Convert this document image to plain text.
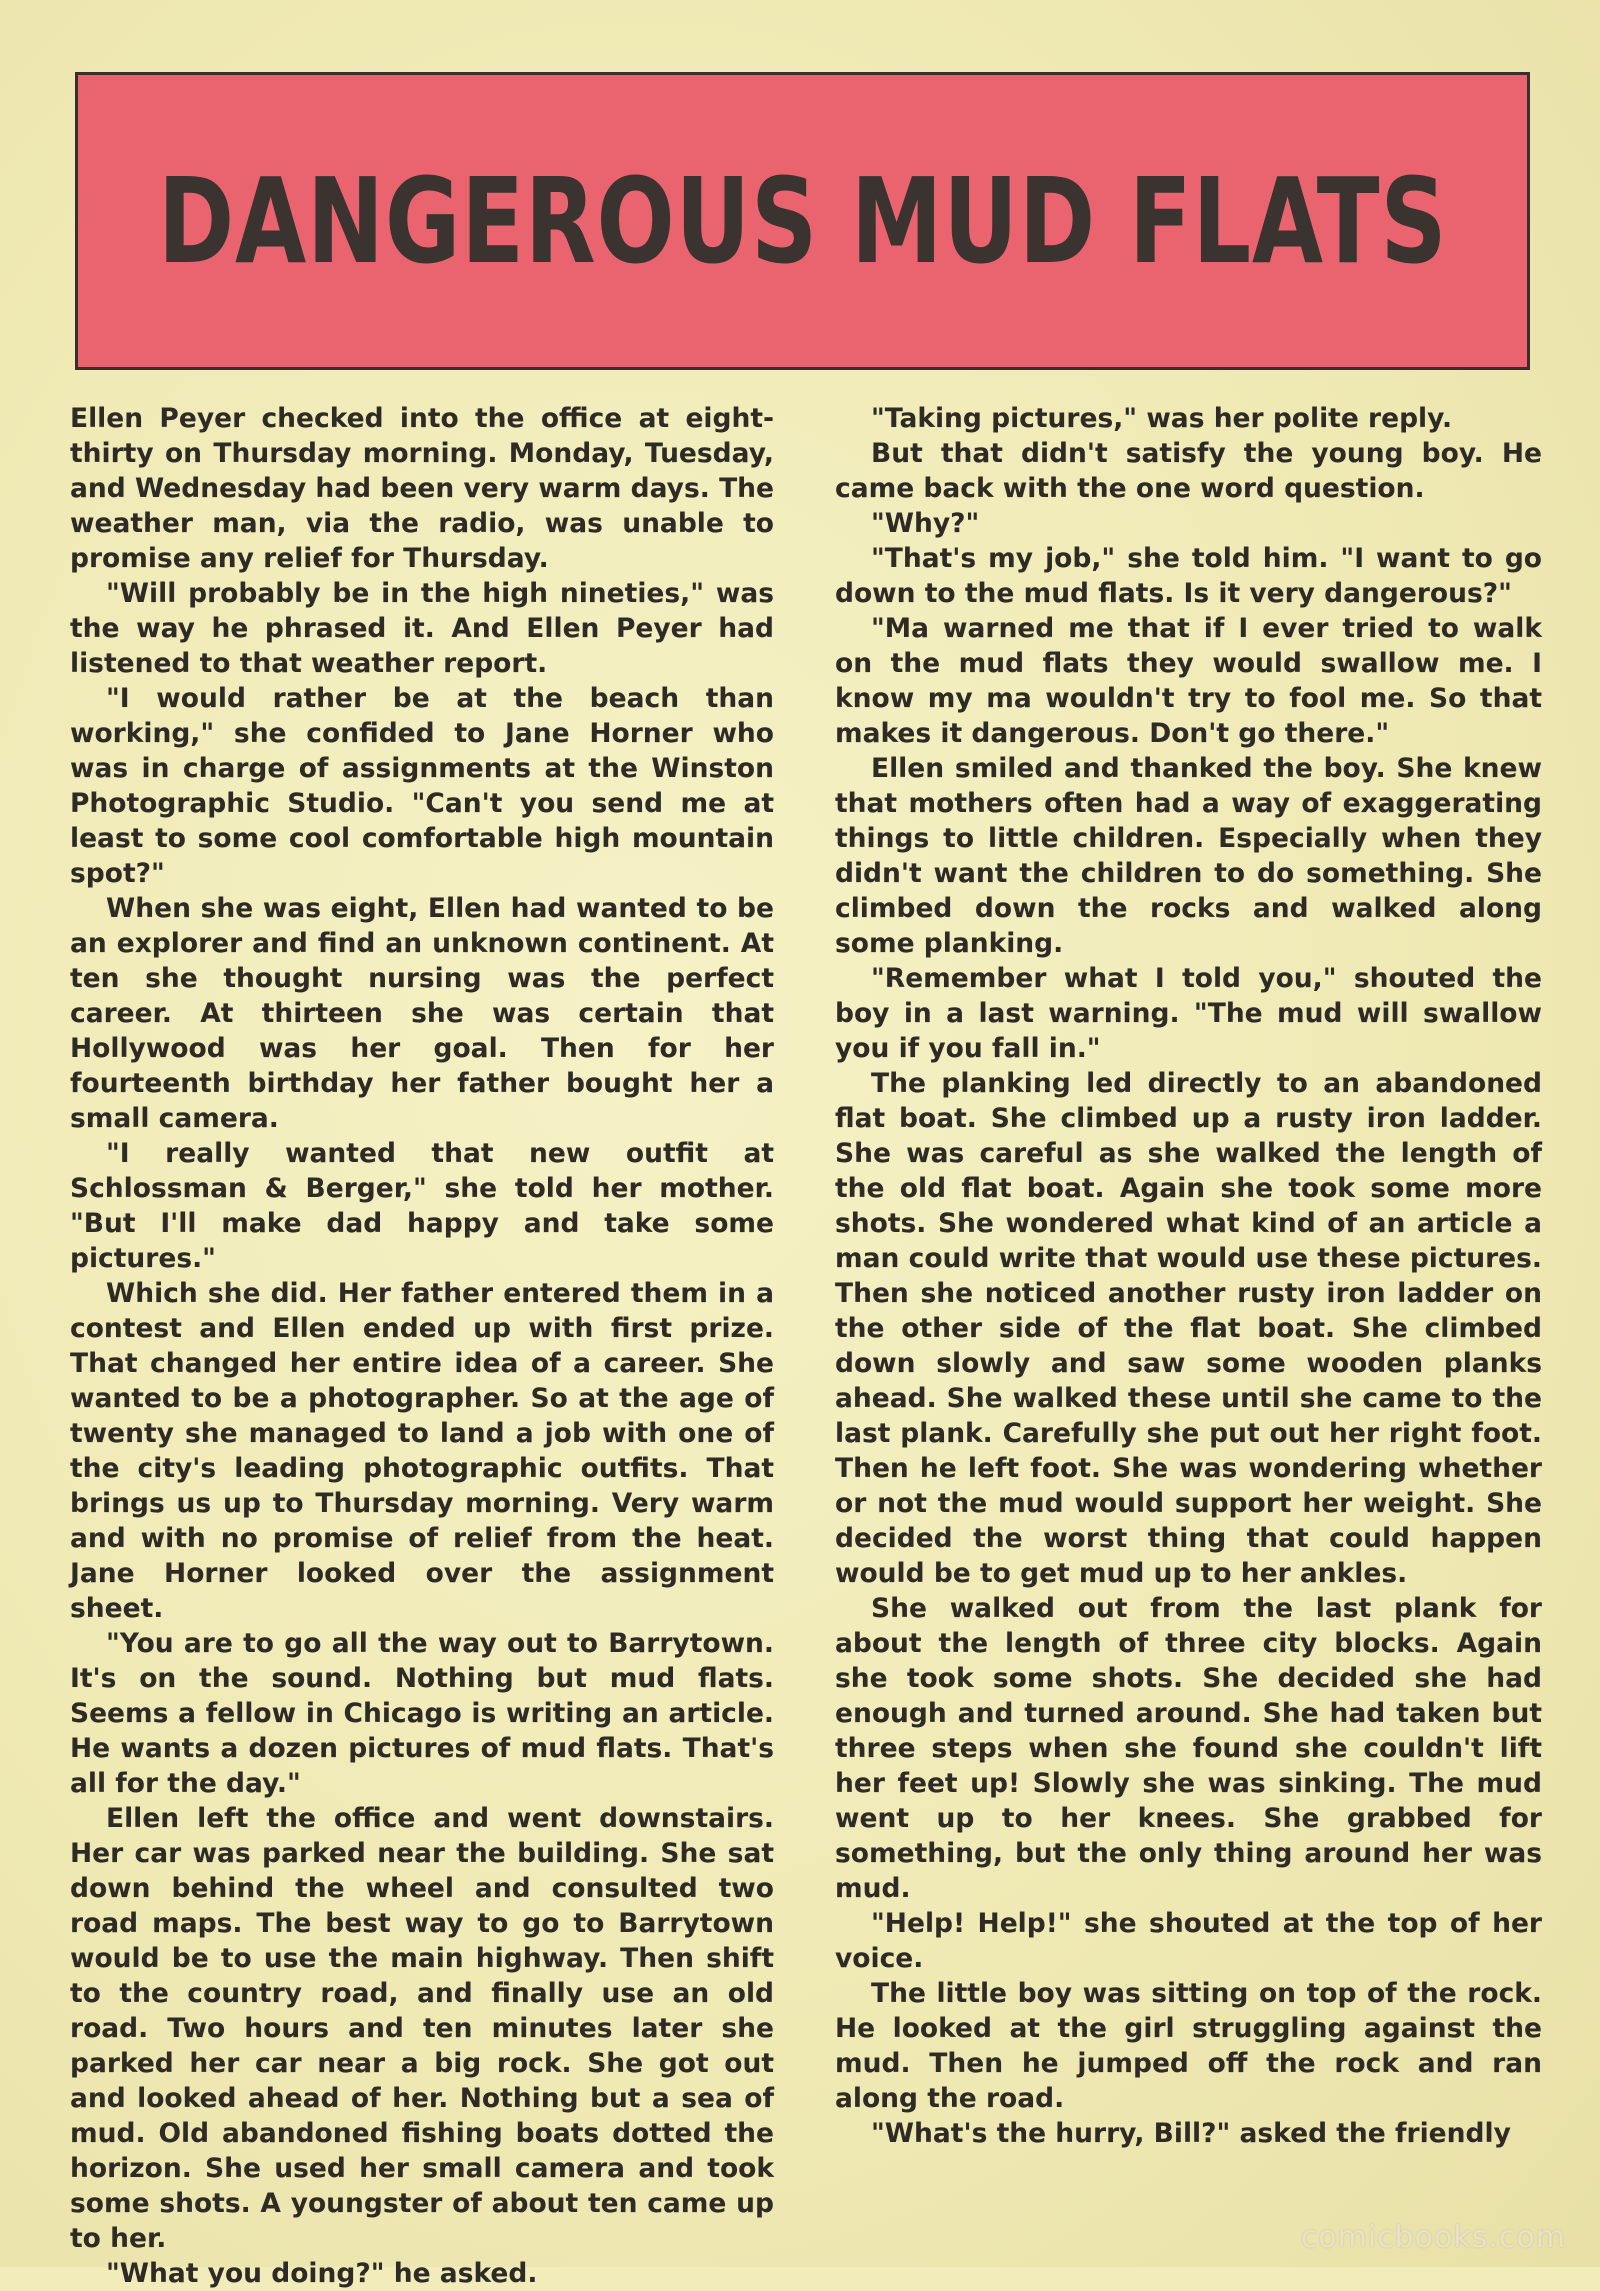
DANGEROUS MUD FLATS

Ellen Peyer checked into the office at eight-thirty on Thursday morning. Monday, Tuesday, and Wednesday had been very warm days. The weather man, via the radio, was unable to promise any relief for Thursday.

"Will probably be in the high nineties," was the way he phrased it. And Ellen Peyer had listened to that weather report.

"I would rather be at the beach than working," she confided to Jane Horner who was in charge of assignments at the Winston Photographic Studio. "Can't you send me at least to some cool comfortable high mountain spot?"

When she was eight, Ellen had wanted to be an explorer and find an unknown continent. At ten she thought nursing was the perfect career. At thirteen she was certain that Hollywood was her goal. Then for her fourteenth birthday her father bought her a small camera.

"I really wanted that new outfit at Schlossman & Berger," she told her mother. "But I'll make dad happy and take some pictures."

Which she did. Her father entered them in a contest and Ellen ended up with first prize. That changed her entire idea of a career. She wanted to be a photographer. So at the age of twenty she managed to land a job with one of the city's leading photographic outfits. That brings us up to Thursday morning. Very warm and with no promise of relief from the heat. Jane Horner looked over the assignment sheet.

"You are to go all the way out to Barrytown. It's on the sound. Nothing but mud flats. Seems a fellow in Chicago is writing an article. He wants a dozen pictures of mud flats. That's all for the day."

Ellen left the office and went downstairs. Her car was parked near the building. She sat down behind the wheel and consulted two road maps. The best way to go to Barrytown would be to use the main highway. Then shift to the country road, and finally use an old road. Two hours and ten minutes later she parked her car near a big rock. She got out and looked ahead of her. Nothing but a sea of mud. Old abandoned fishing boats dotted the horizon. She used her small camera and took some shots. A youngster of about ten came up to her.

"What you doing?" he asked.

"Taking pictures," was her polite reply.

But that didn't satisfy the young boy. He came back with the one word question.

"Why?"

"That's my job," she told him. "I want to go down to the mud flats. Is it very dangerous?"

"Ma warned me that if I ever tried to walk on the mud flats they would swallow me. I know my ma wouldn't try to fool me. So that makes it dangerous. Don't go there."

Ellen smiled and thanked the boy. She knew that mothers often had a way of exaggerating things to little children. Especially when they didn't want the children to do something. She climbed down the rocks and walked along some planking.

"Remember what I told you," shouted the boy in a last warning. "The mud will swallow you if you fall in."

The planking led directly to an abandoned flat boat. She climbed up a rusty iron ladder. She was careful as she walked the length of the old flat boat. Again she took some more shots. She wondered what kind of an article a man could write that would use these pictures. Then she noticed another rusty iron ladder on the other side of the flat boat. She climbed down slowly and saw some wooden planks ahead. She walked these until she came to the last plank. Carefully she put out her right foot. Then he left foot. She was wondering whether or not the mud would support her weight. She decided the worst thing that could happen would be to get mud up to her ankles.

She walked out from the last plank for about the length of three city blocks. Again she took some shots. She decided she had enough and turned around. She had taken but three steps when she found she couldn't lift her feet up! Slowly she was sinking. The mud went up to her knees. She grabbed for something, but the only thing around her was mud.

"Help! Help!" she shouted at the top of her voice.

The little boy was sitting on top of the rock. He looked at the girl struggling against the mud. Then he jumped off the rock and ran along the road.

"What's the hurry, Bill?" asked the friendly

comicbooks.com
